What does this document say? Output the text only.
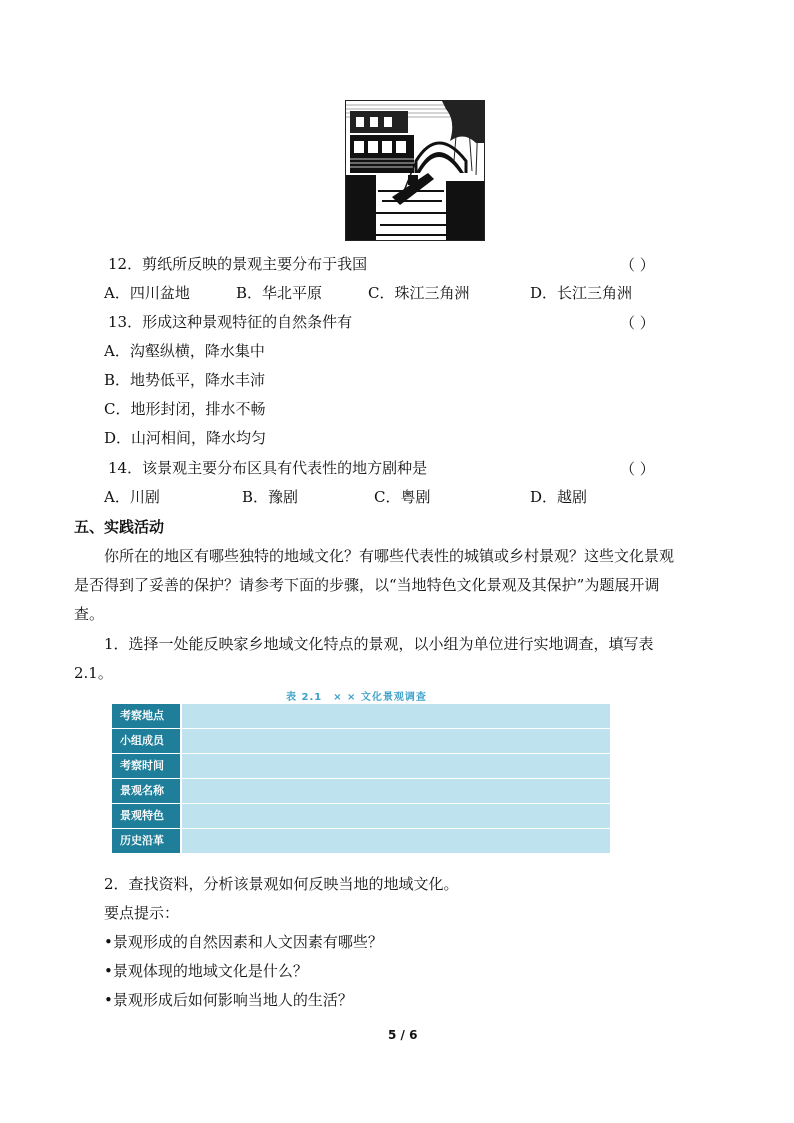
12．剪纸所反映的景观主要分布于我国	（ ）
A．四川盆地	B．华北平原	C．珠江三角洲	D．长江三角洲
13．形成这种景观特征的自然条件有	（ ）
A．沟壑纵横，降水集中
B．地势低平，降水丰沛
C．地形封闭，排水不畅
D．山河相间，降水均匀
14．该景观主要分布区具有代表性的地方剧种是	（ ）
A．川剧	B．豫剧	C．粤剧	D．越剧
五、实践活动
你所在的地区有哪些独特的地域文化？有哪些代表性的城镇或乡村景观？这些文化景观
是否得到了妥善的保护？请参考下面的步骤，以“当地特色文化景观及其保护”为题展开调
查。
1．选择一处能反映家乡地域文化特点的景观，以小组为单位进行实地调查，填写表
2.1。
表 2.1　× × 文化景观调查
考察地点
小组成员
考察时间
景观名称
景观特色
历史沿革
2．查找资料，分析该景观如何反映当地的地域文化。
要点提示：
•景观形成的自然因素和人文因素有哪些？
•景观体现的地域文化是什么？
•景观形成后如何影响当地人的生活？
5 / 6
